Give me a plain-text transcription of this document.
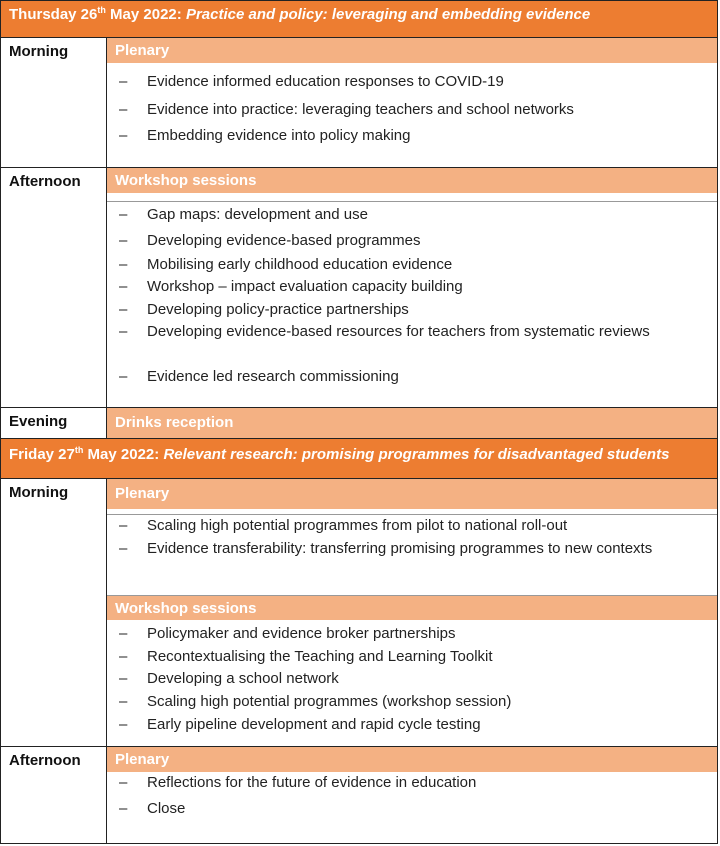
Thursday 26th May 2022: Practice and policy: leveraging and embedding evidence
Morning	Plenary
– Evidence informed education responses to COVID-19
– Evidence into practice: leveraging teachers and school networks
– Embedding evidence into policy making
Afternoon	Workshop sessions
– Gap maps: development and use
– Developing evidence-based programmes
– Mobilising early childhood education evidence
– Workshop – impact evaluation capacity building
– Developing policy-practice partnerships
– Developing evidence-based resources for teachers from systematic reviews
– Evidence led research commissioning
Evening	Drinks reception
Friday 27th May 2022: Relevant research: promising programmes for disadvantaged students
Morning	Plenary
– Scaling high potential programmes from pilot to national roll-out
– Evidence transferability: transferring promising programmes to new contexts
Workshop sessions
– Policymaker and evidence broker partnerships
– Recontextualising the Teaching and Learning Toolkit
– Developing a school network
– Scaling high potential programmes (workshop session)
– Early pipeline development and rapid cycle testing
Afternoon	Plenary
– Reflections for the future of evidence in education
– Close
